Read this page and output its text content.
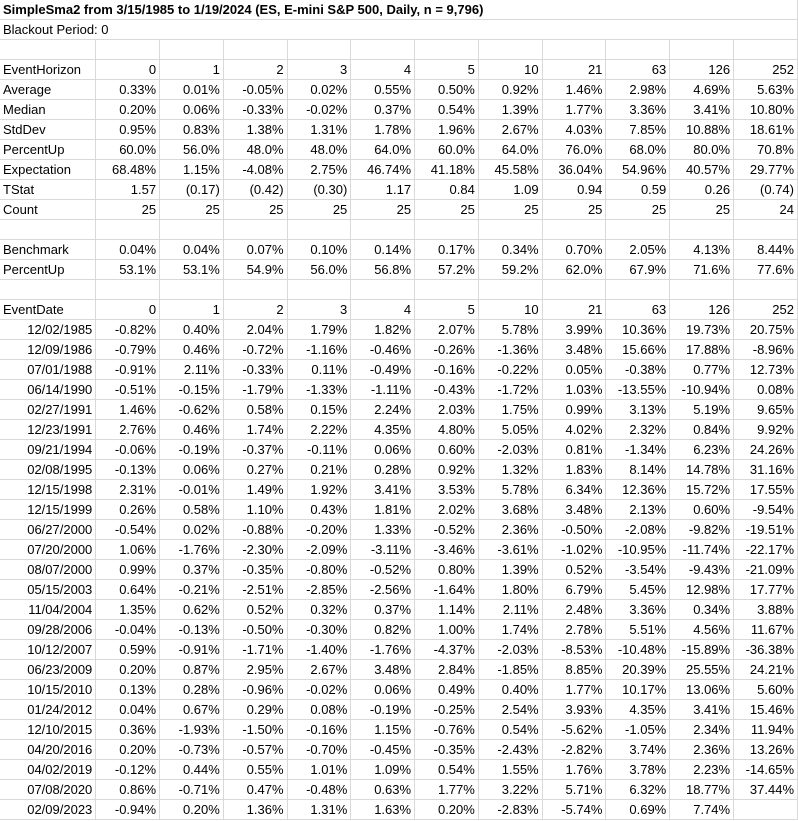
SimpleSma2 from 3/15/1985 to 1/19/2024 (ES, E-mini S&P 500, Daily, n = 9,796)											
Blackout Period: 0											

EventHorizon	0	1	2	3	4	5	10	21	63	126	252
Average	0.33%	0.01%	-0.05%	0.02%	0.55%	0.50%	0.92%	1.46%	2.98%	4.69%	5.63%
Median	0.20%	0.06%	-0.33%	-0.02%	0.37%	0.54%	1.39%	1.77%	3.36%	3.41%	10.80%
StdDev	0.95%	0.83%	1.38%	1.31%	1.78%	1.96%	2.67%	4.03%	7.85%	10.88%	18.61%
PercentUp	60.0%	56.0%	48.0%	48.0%	64.0%	60.0%	64.0%	76.0%	68.0%	80.0%	70.8%
Expectation	68.48%	1.15%	-4.08%	2.75%	46.74%	41.18%	45.58%	36.04%	54.96%	40.57%	29.77%
TStat	1.57	(0.17)	(0.42)	(0.30)	1.17	0.84	1.09	0.94	0.59	0.26	(0.74)
Count	25	25	25	25	25	25	25	25	25	25	24

Benchmark	0.04%	0.04%	0.07%	0.10%	0.14%	0.17%	0.34%	0.70%	2.05%	4.13%	8.44%
PercentUp	53.1%	53.1%	54.9%	56.0%	56.8%	57.2%	59.2%	62.0%	67.9%	71.6%	77.6%

EventDate	0	1	2	3	4	5	10	21	63	126	252
12/02/1985	-0.82%	0.40%	2.04%	1.79%	1.82%	2.07%	5.78%	3.99%	10.36%	19.73%	20.75%
12/09/1986	-0.79%	0.46%	-0.72%	-1.16%	-0.46%	-0.26%	-1.36%	3.48%	15.66%	17.88%	-8.96%
07/01/1988	-0.91%	2.11%	-0.33%	0.11%	-0.49%	-0.16%	-0.22%	0.05%	-0.38%	0.77%	12.73%
06/14/1990	-0.51%	-0.15%	-1.79%	-1.33%	-1.11%	-0.43%	-1.72%	1.03%	-13.55%	-10.94%	0.08%
02/27/1991	1.46%	-0.62%	0.58%	0.15%	2.24%	2.03%	1.75%	0.99%	3.13%	5.19%	9.65%
12/23/1991	2.76%	0.46%	1.74%	2.22%	4.35%	4.80%	5.05%	4.02%	2.32%	0.84%	9.92%
09/21/1994	-0.06%	-0.19%	-0.37%	-0.11%	0.06%	0.60%	-2.03%	0.81%	-1.34%	6.23%	24.26%
02/08/1995	-0.13%	0.06%	0.27%	0.21%	0.28%	0.92%	1.32%	1.83%	8.14%	14.78%	31.16%
12/15/1998	2.31%	-0.01%	1.49%	1.92%	3.41%	3.53%	5.78%	6.34%	12.36%	15.72%	17.55%
12/15/1999	0.26%	0.58%	1.10%	0.43%	1.81%	2.02%	3.68%	3.48%	2.13%	0.60%	-9.54%
06/27/2000	-0.54%	0.02%	-0.88%	-0.20%	1.33%	-0.52%	2.36%	-0.50%	-2.08%	-9.82%	-19.51%
07/20/2000	1.06%	-1.76%	-2.30%	-2.09%	-3.11%	-3.46%	-3.61%	-1.02%	-10.95%	-11.74%	-22.17%
08/07/2000	0.99%	0.37%	-0.35%	-0.80%	-0.52%	0.80%	1.39%	0.52%	-3.54%	-9.43%	-21.09%
05/15/2003	0.64%	-0.21%	-2.51%	-2.85%	-2.56%	-1.64%	1.80%	6.79%	5.45%	12.98%	17.77%
11/04/2004	1.35%	0.62%	0.52%	0.32%	0.37%	1.14%	2.11%	2.48%	3.36%	0.34%	3.88%
09/28/2006	-0.04%	-0.13%	-0.50%	-0.30%	0.82%	1.00%	1.74%	2.78%	5.51%	4.56%	11.67%
10/12/2007	0.59%	-0.91%	-1.71%	-1.40%	-1.76%	-4.37%	-2.03%	-8.53%	-10.48%	-15.89%	-36.38%
06/23/2009	0.20%	0.87%	2.95%	2.67%	3.48%	2.84%	-1.85%	8.85%	20.39%	25.55%	24.21%
10/15/2010	0.13%	0.28%	-0.96%	-0.02%	0.06%	0.49%	0.40%	1.77%	10.17%	13.06%	5.60%
01/24/2012	0.04%	0.67%	0.29%	0.08%	-0.19%	-0.25%	2.54%	3.93%	4.35%	3.41%	15.46%
12/10/2015	0.36%	-1.93%	-1.50%	-0.16%	1.15%	-0.76%	0.54%	-5.62%	-1.05%	2.34%	11.94%
04/20/2016	0.20%	-0.73%	-0.57%	-0.70%	-0.45%	-0.35%	-2.43%	-2.82%	3.74%	2.36%	13.26%
04/02/2019	-0.12%	0.44%	0.55%	1.01%	1.09%	0.54%	1.55%	1.76%	3.78%	2.23%	-14.65%
07/08/2020	0.86%	-0.71%	0.47%	-0.48%	0.63%	1.77%	3.22%	5.71%	6.32%	18.77%	37.44%
02/09/2023	-0.94%	0.20%	1.36%	1.31%	1.63%	0.20%	-2.83%	-5.74%	0.69%	7.74%	
